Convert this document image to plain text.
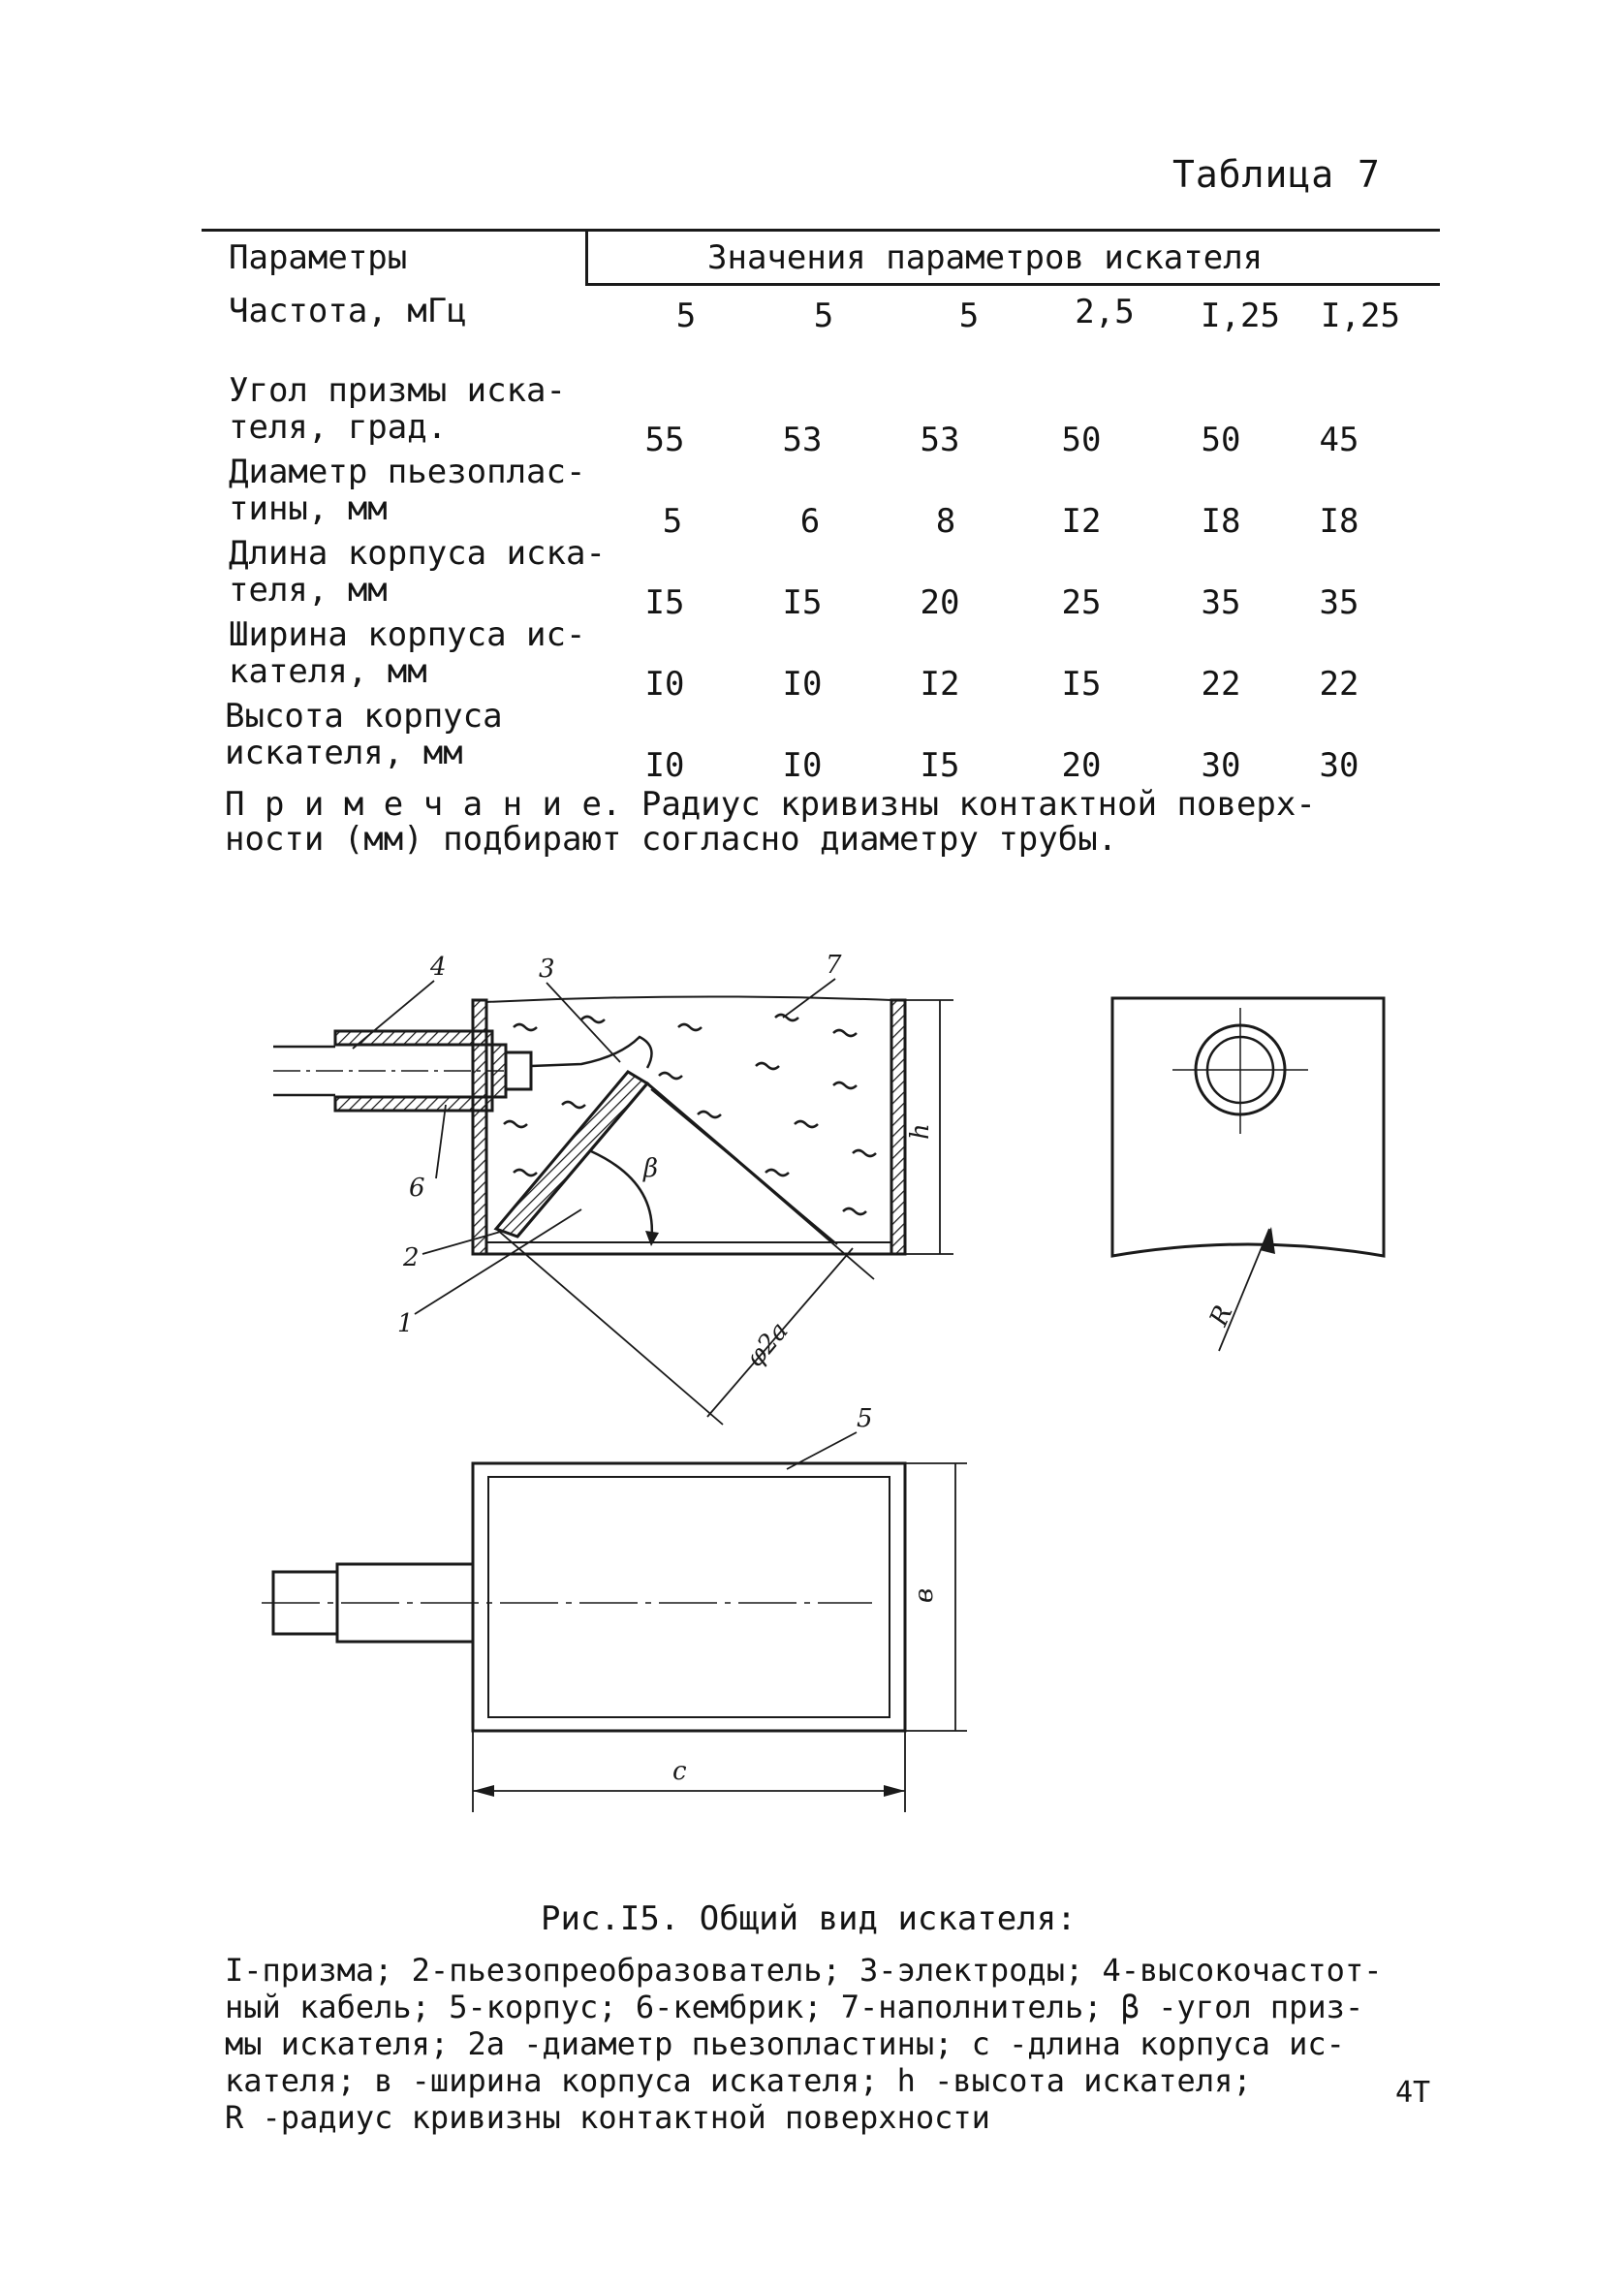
Таблица 7
Параметры	Значения параметров искателя
Частота, мГц	5	5	5	2,5	I,25	I,25
Угол призмы иска-
теля, град.	55	53	53	50	50	45
Диаметр пьезоплас-
тины, мм	5	6	8	I2	I8	I8
Длина корпуса иска-
теля, мм	I5	I5	20	25	35	35
Ширина корпуса ис-
кателя, мм	I0	I0	I2	I5	22	22
Высота корпуса
искателя, мм	I0	I0	I5	20	30	30
П р и м е ч а н и е. Радиус кривизны контактной поверх-
ности (мм) подбирают согласно диаметру трубы.
4	3	7
6
2
1
5
β
h
φ2a
R
в
c
Рис.I5. Общий вид искателя:
I-призма; 2-пьезопреобразователь; 3-электроды; 4-высокочастот-
ный кабель; 5-корпус; 6-кембрик; 7-наполнитель; β -угол приз-
мы искателя; 2а -диаметр пьезопластины; с -длина корпуса ис-
кателя; в -ширина корпуса искателя; h -высота искателя;
R -радиус кривизны контактной поверхности
4T
